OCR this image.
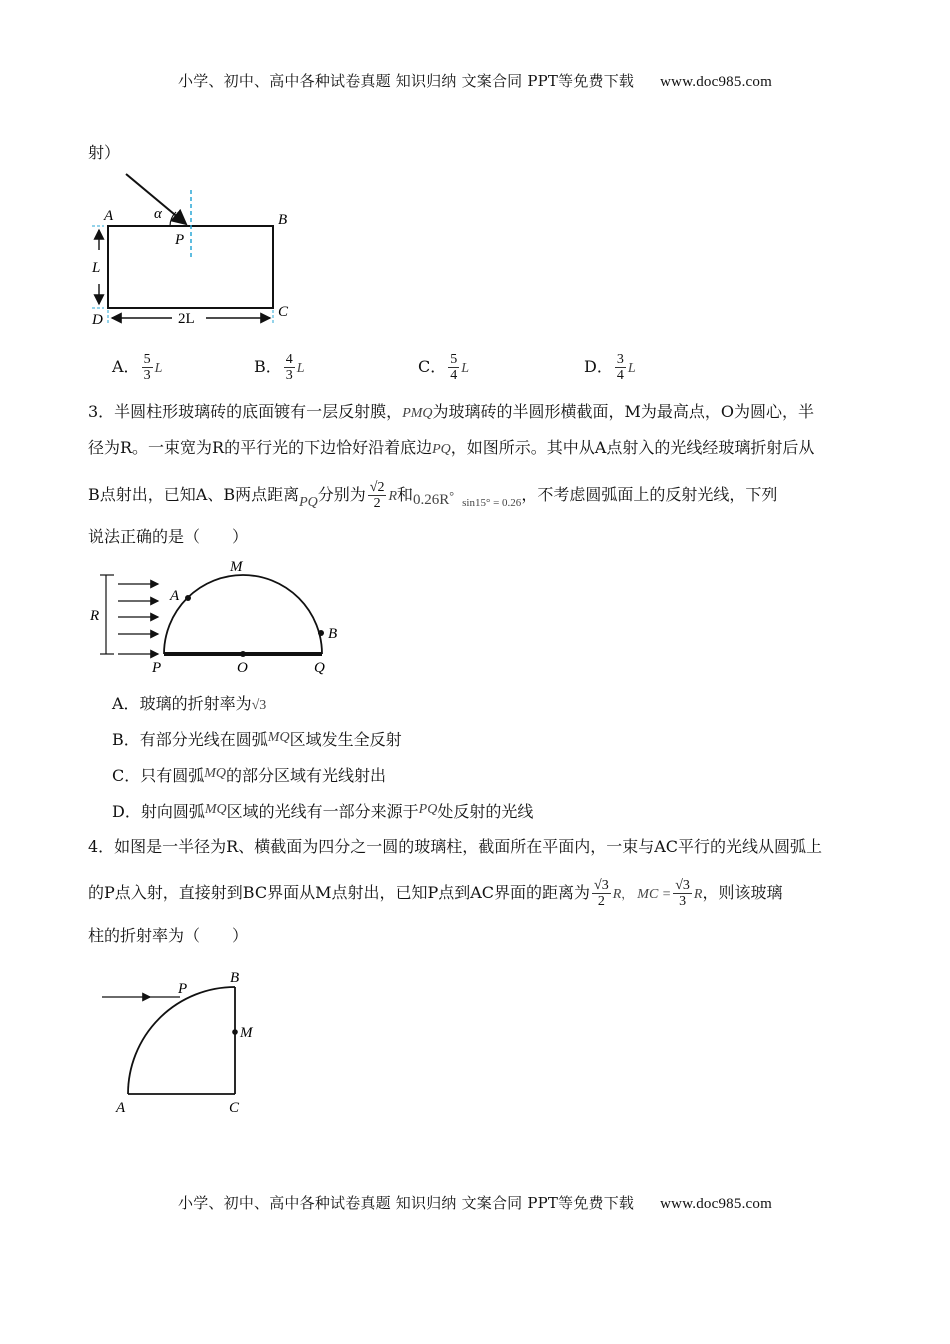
小学、初中、高中各种试卷真题 知识归纳 文案合同 PPT等免费下载 www.doc985.com
射）
A	B
C
D
P
α
L
2L
A． $\frac{5}{3}$ L	B． $\frac{4}{3}$ L	C． $\frac{5}{4}$ L	D． $\frac{3}{4}$ L
3．半圆柱形玻璃砖的底面镀有一层反射膜，PMQ为玻璃砖的半圆形横截面，M为最高点，O为圆心，半
径为R。一束宽为R的平行光的下边恰好沿着底边PQ，如图所示。其中从A点射入的光线经玻璃折射后从
B点射出，已知A、B两点距离PQ分别为 $\frac{√2}{2}$ R和0.26R° $_{sin15^\circ = 0.26}$，不考虑圆弧面上的反射光线，下列
说法正确的是（　　）
M
A
B
R
P	O	Q
A．玻璃的折射率为√3
B．有部分光线在圆弧MQ区域发生全反射
C．只有圆弧MQ的部分区域有光线射出
D．射向圆弧MQ区域的光线有一部分来源于PQ处反射的光线
4．如图是一半径为R、横截面为四分之一圆的玻璃柱，截面所在平面内，一束与AC平行的光线从圆弧上
的P点入射，直接射到BC界面从M点射出，已知P点到AC界面的距离为 $\frac{√3}{2}$ R， MC = $\frac{√3}{3}$ R，则该玻璃
柱的折射率为（　　）
P
B
M
A	C
小学、初中、高中各种试卷真题 知识归纳 文案合同 PPT等免费下载 www.doc985.com
